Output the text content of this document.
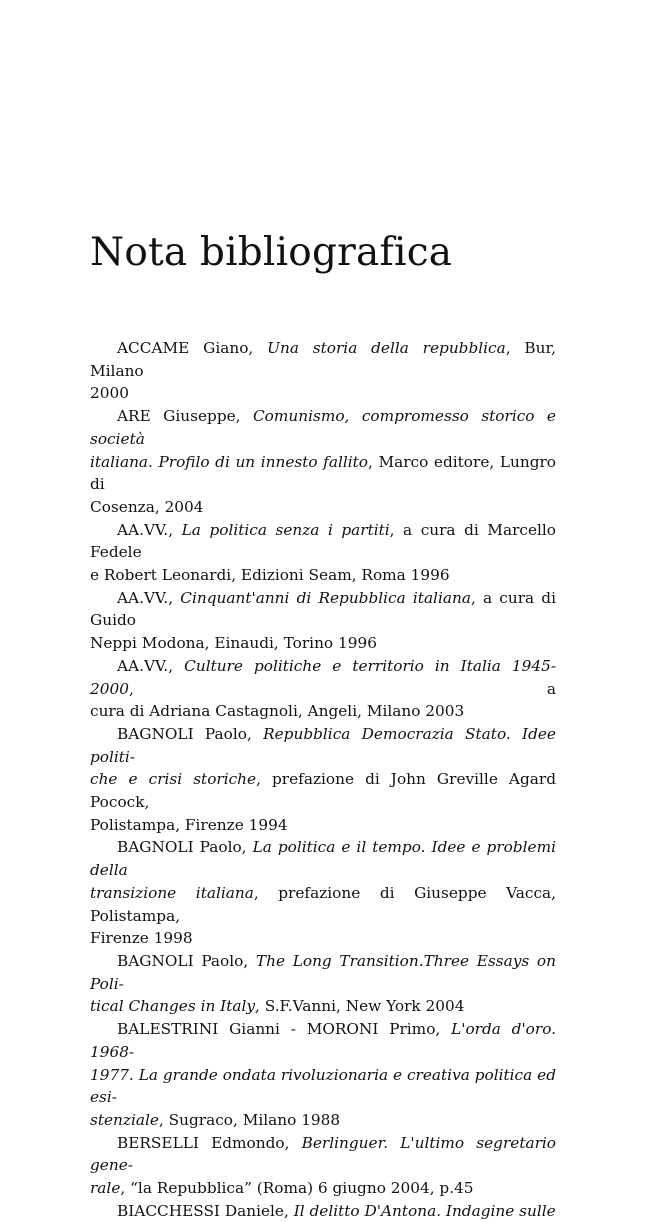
Nota bibliografica

ACCAME Giano, Una storia della repubblica, Bur, Milano
2000

ARE Giuseppe, Comunismo, compromesso storico e società
italiana. Profilo di un innesto fallito, Marco editore, Lungro di
Cosenza, 2004

AA.VV., La politica senza i partiti, a cura di Marcello Fedele
e Robert Leonardi, Edizioni Seam, Roma 1996

AA.VV., Cinquant'anni di Repubblica italiana, a cura di Guido
Neppi Modona, Einaudi, Torino 1996

AA.VV., Culture politiche e territorio in Italia 1945-2000, a
cura di Adriana Castagnoli, Angeli, Milano 2003

BAGNOLI Paolo, Repubblica Democrazia Stato. Idee politi-
che e crisi storiche, prefazione di John Greville Agard Pocock,
Polistampa, Firenze 1994

BAGNOLI Paolo, La politica e il tempo. Idee e problemi della
transizione italiana, prefazione di Giuseppe Vacca, Polistampa,
Firenze 1998

BAGNOLI Paolo, The Long Transition.Three Essays on Poli-
tical Changes in Italy, S.F.Vanni, New York 2004

BALESTRINI Gianni - MORONI Primo, L'orda d'oro. 1968-
1977. La grande ondata rivoluzionaria e creativa politica ed esi-
stenziale, Sugraco, Milano 1988

BERSELLI Edmondo, Berlinguer. L'ultimo segretario gene-
rale, “la Repubblica” (Roma) 6 giugno 2004, p.45

BIACCHESSI Daniele, Il delitto D'Antona. Indagine sulle
